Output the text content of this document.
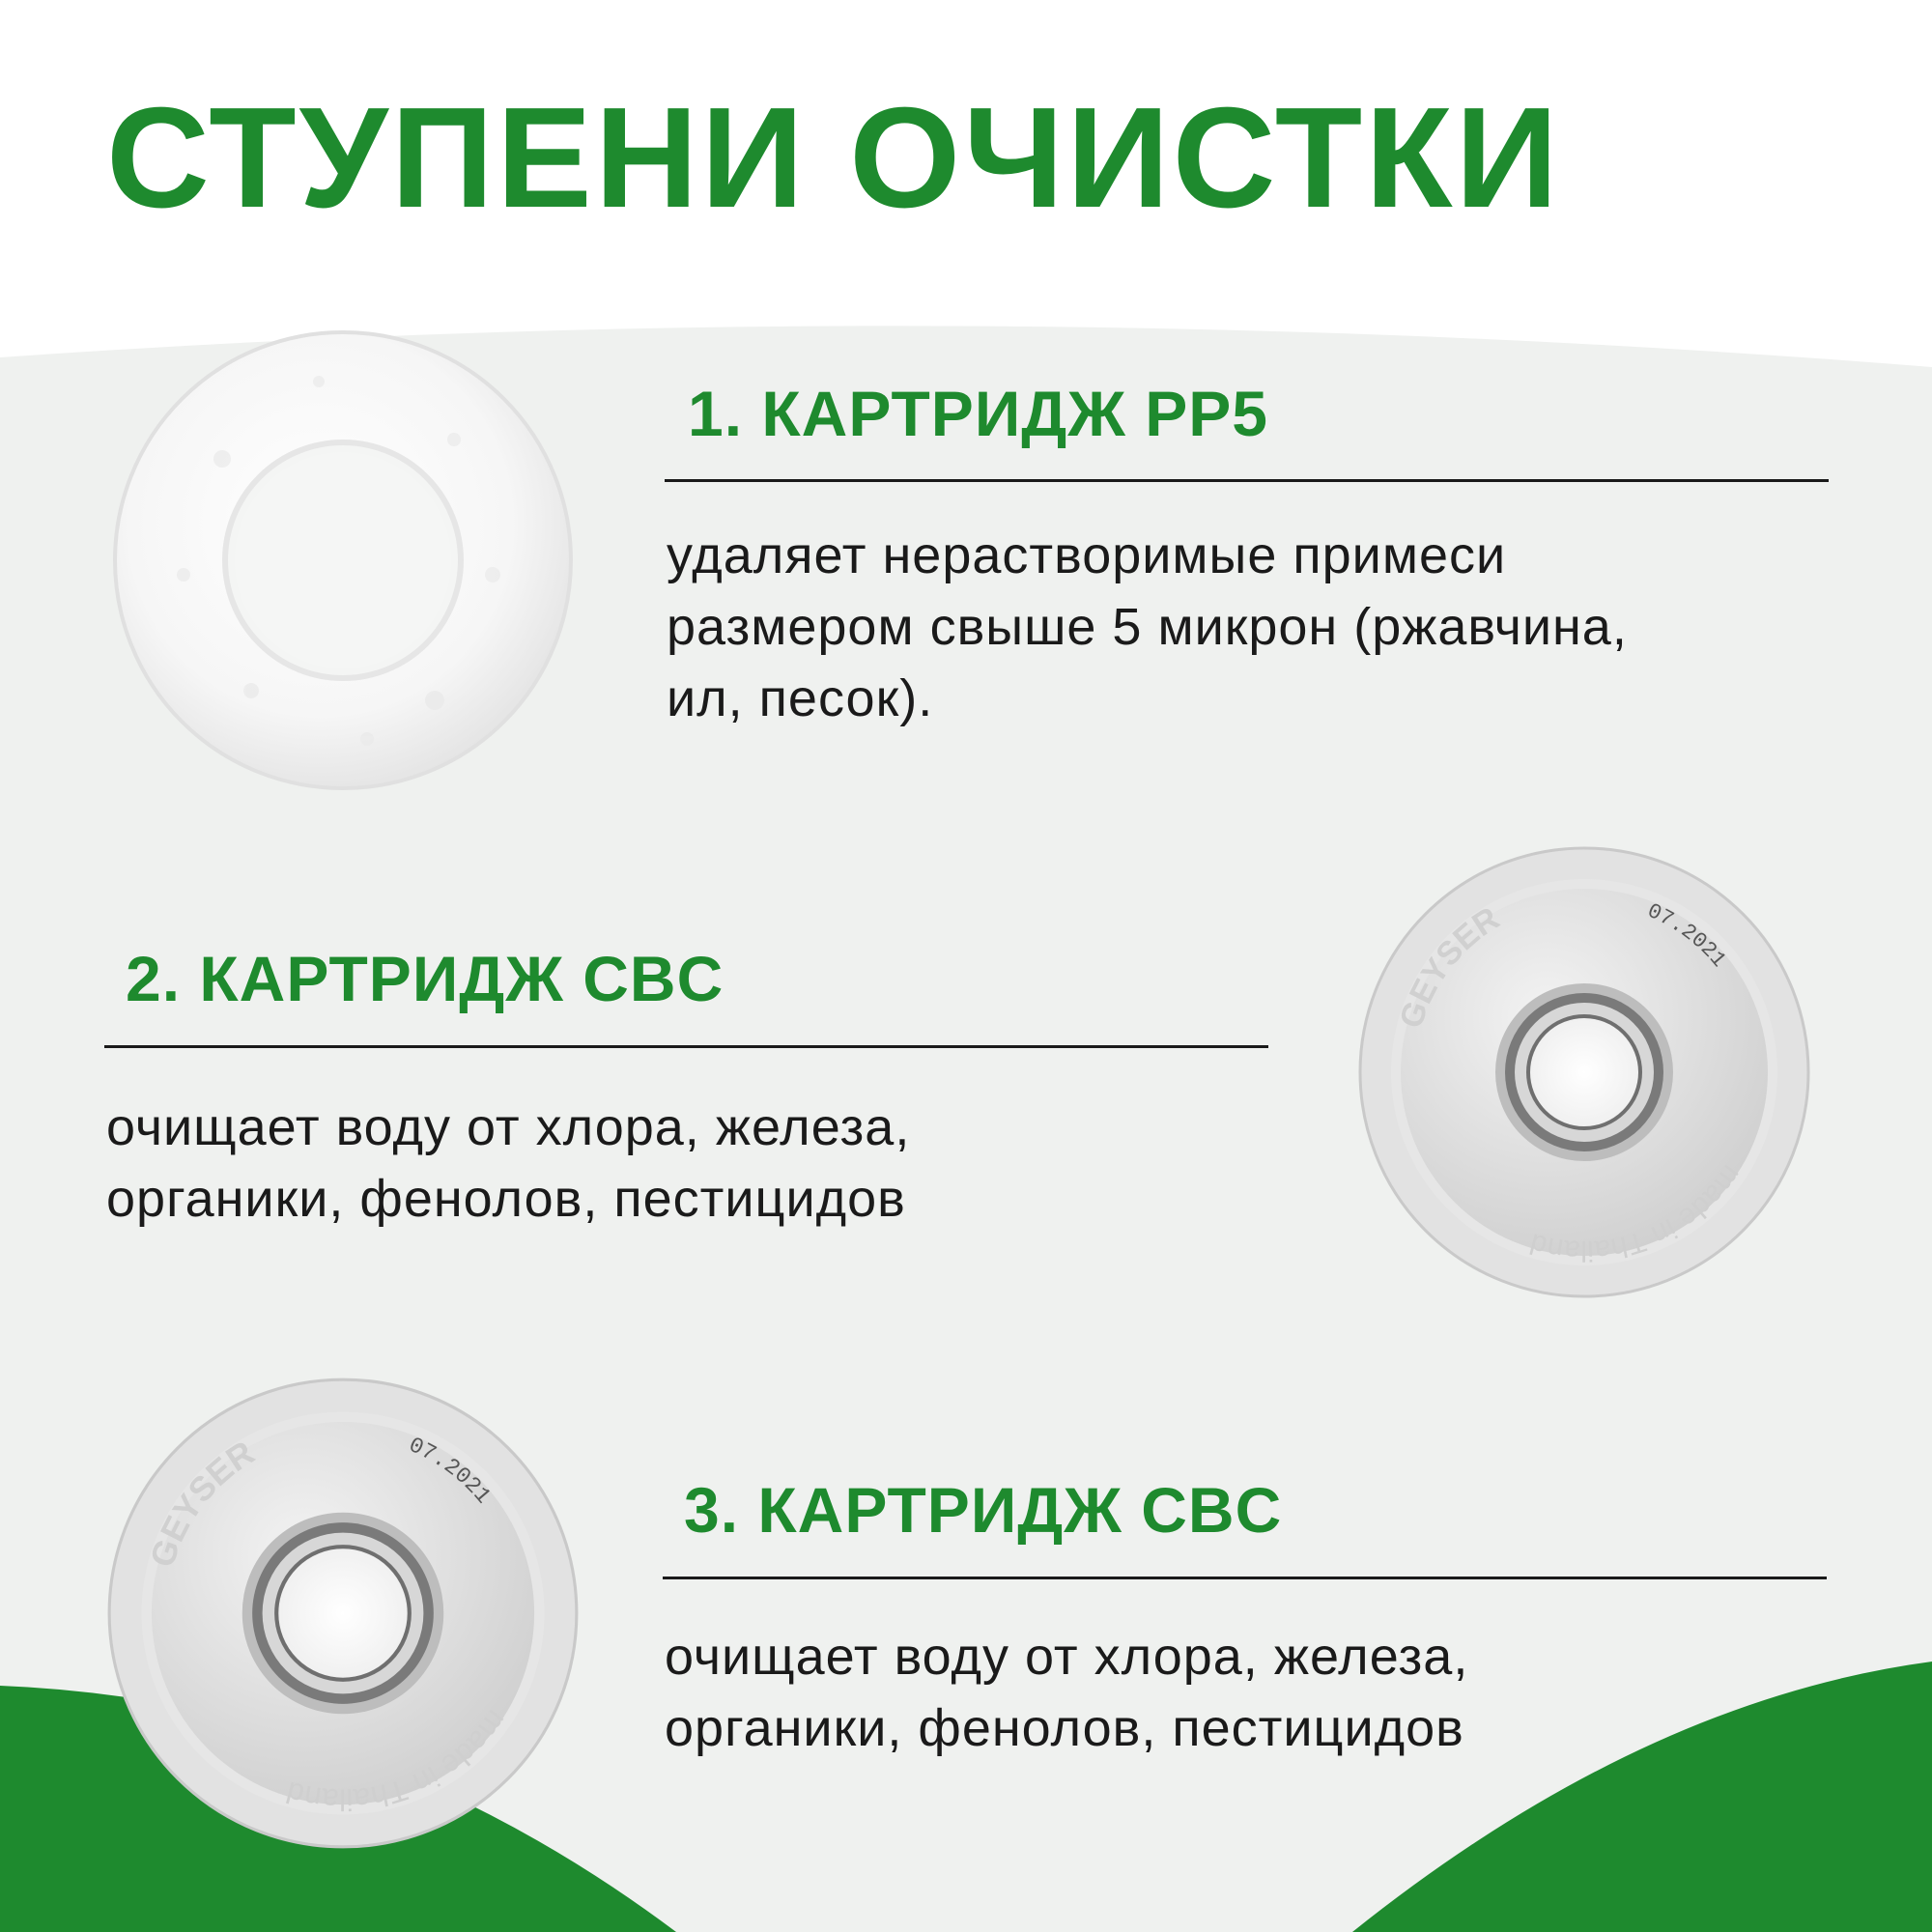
СТУПЕНИ ОЧИСТКИ
1. КАРТРИДЖ PP5

удаляет нерастворимые примеси
размером свыше 5 микрон (ржавчина,
ил, песок).

2. КАРТРИДЖ CBC

очищает воду от хлора, железа,
органики, фенолов, пестицидов

GEYSER	07.2021
made in Thailand
GEYSER	07.2021
made in Thailand
3. КАРТРИДЖ CBC

очищает воду от хлора, железа,
органики, фенолов, пестицидов
